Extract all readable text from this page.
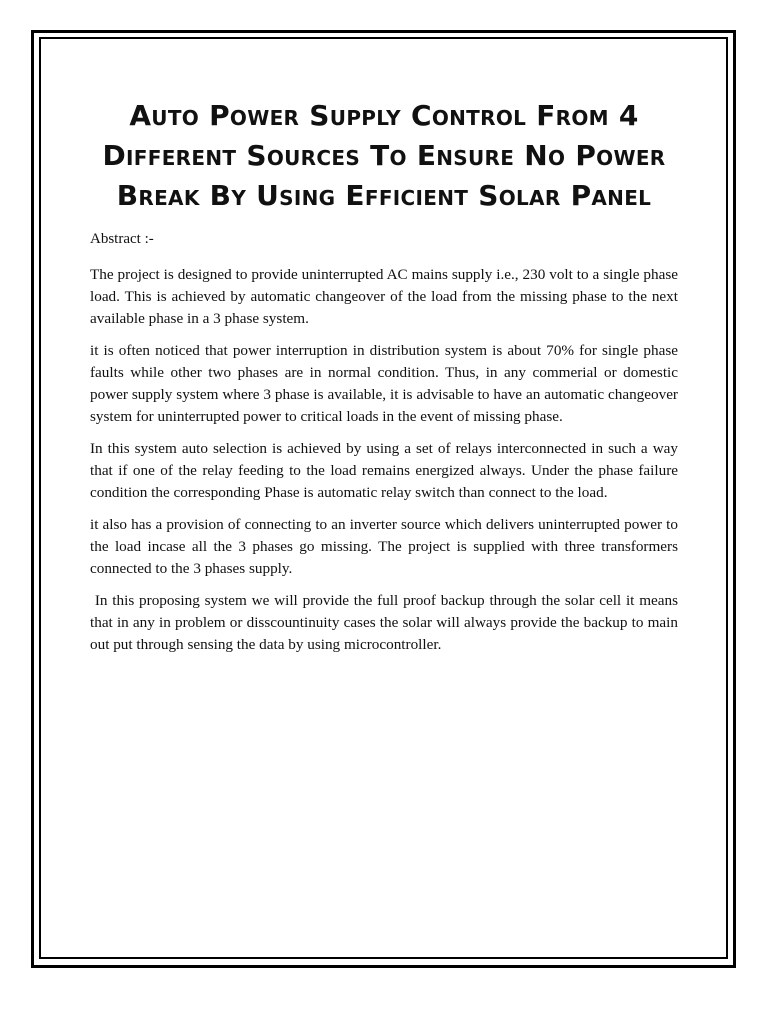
Auto Power Supply Control From 4 Different Sources To Ensure No Power Break By Using Efficient Solar Panel

Abstract :-

The project is designed to provide uninterrupted AC mains supply i.e., 230 volt to a single phase load. This is achieved by automatic changeover of the load from the missing phase to the next available phase in a 3 phase system.

it is often noticed that power interruption in distribution system is about 70% for single phase faults while other two phases are in normal condition. Thus, in any commerial or domestic power supply system where 3 phase is available, it is advisable to have an automatic changeover system for uninterrupted power to critical loads in the event of missing phase.

In this system auto selection is achieved by using a set of relays interconnected in such a way that if one of the relay feeding to the load remains energized always. Under the phase failure condition the corresponding Phase is automatic relay switch than connect to the load.

it also has a provision of connecting to an inverter source which delivers uninterrupted power to the load incase all the 3 phases go missing. The project is supplied with three transformers connected to the 3 phases supply.

In this proposing system we will provide the full proof backup through the solar cell it means that in any in problem or disscountinuity cases the solar will always provide the backup to main out put through sensing the data by using microcontroller.
